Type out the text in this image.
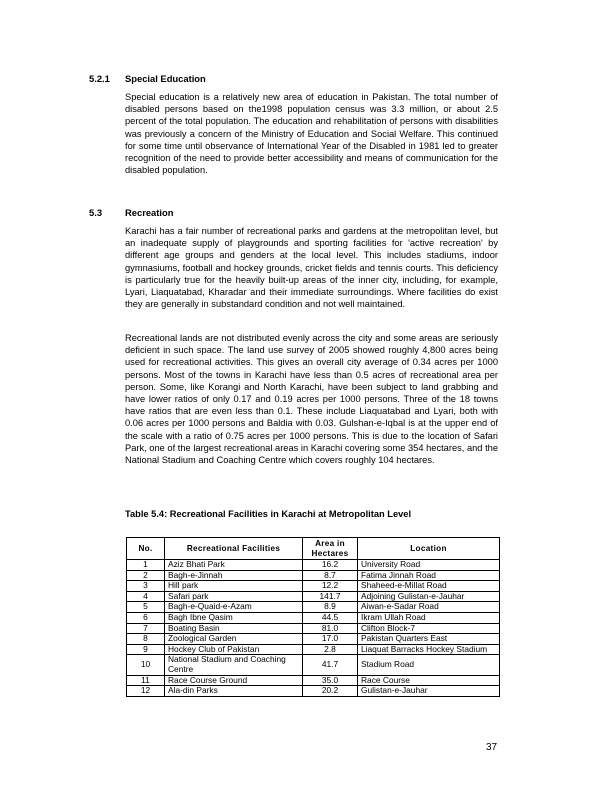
5.2.1 Special Education

Special education is a relatively new area of education in Pakistan. The total number of disabled persons based on the1998 population census was 3.3 million, or about 2.5 percent of the total population. The education and rehabilitation of persons with disabilities was previously a concern of the Ministry of Education and Social Welfare. This continued for some time until observance of International Year of the Disabled in 1981 led to greater recognition of the need to provide better accessibility and means of communication for the disabled population.

5.3 Recreation

Karachi has a fair number of recreational parks and gardens at the metropolitan level, but an inadequate supply of playgrounds and sporting facilities for 'active recreation' by different age groups and genders at the local level. This includes stadiums, indoor gymnasiums, football and hockey grounds, cricket fields and tennis courts. This deficiency is particularly true for the heavily built-up areas of the inner city, including, for example, Lyari, Liaquatabad, Kharadar and their immediate surroundings. Where facilities do exist they are generally in substandard condition and not well maintained.

Recreational lands are not distributed evenly across the city and some areas are seriously deficient in such space. The land use survey of 2005 showed roughly 4,800 acres being used for recreational activities. This gives an overall city average of 0.34 acres per 1000 persons. Most of the towns in Karachi have less than 0.5 acres of recreational area per person. Some, like Korangi and North Karachi, have been subject to land grabbing and have lower ratios of only 0.17 and 0.19 acres per 1000 persons. Three of the 18 towns have ratios that are even less than 0.1. These include Liaquatabad and Lyari, both with 0.06 acres per 1000 persons and Baldia with 0.03. Gulshan-e-Iqbal is at the upper end of the scale with a ratio of 0.75 acres per 1000 persons. This is due to the location of Safari Park, one of the largest recreational areas in Karachi covering some 354 hectares, and the National Stadium and Coaching Centre which covers roughly 104 hectares.

Table 5.4: Recreational Facilities in Karachi at Metropolitan Level
No.	Recreational Facilities	Area in Hectares	Location
1	Aziz Bhati Park	16.2	University Road
2	Bagh-e-Jinnah	8.7	Fatima Jinnah Road
3	Hill park	12.2	Shaheed-e-Millat Road
4	Safari park	141.7	Adjoining Gulistan-e-Jauhar
5	Bagh-e-Quaid-e-Azam	8.9	Aiwan-e-Sadar Road
6	Bagh Ibne Qasim	44.5	Ikram Ullah Road
7	Boating Basin	81.0	Clifton Block-7
8	Zoological Garden	17.0	Pakistan Quarters East
9	Hockey Club of Pakistan	2.8	Liaquat Barracks Hockey Stadium
10	National Stadium and Coaching Centre	41.7	Stadium Road
11	Race Course Ground	35.0	Race Course
12	Ala-din Parks	20.2	Gulistan-e-Jauhar
37
